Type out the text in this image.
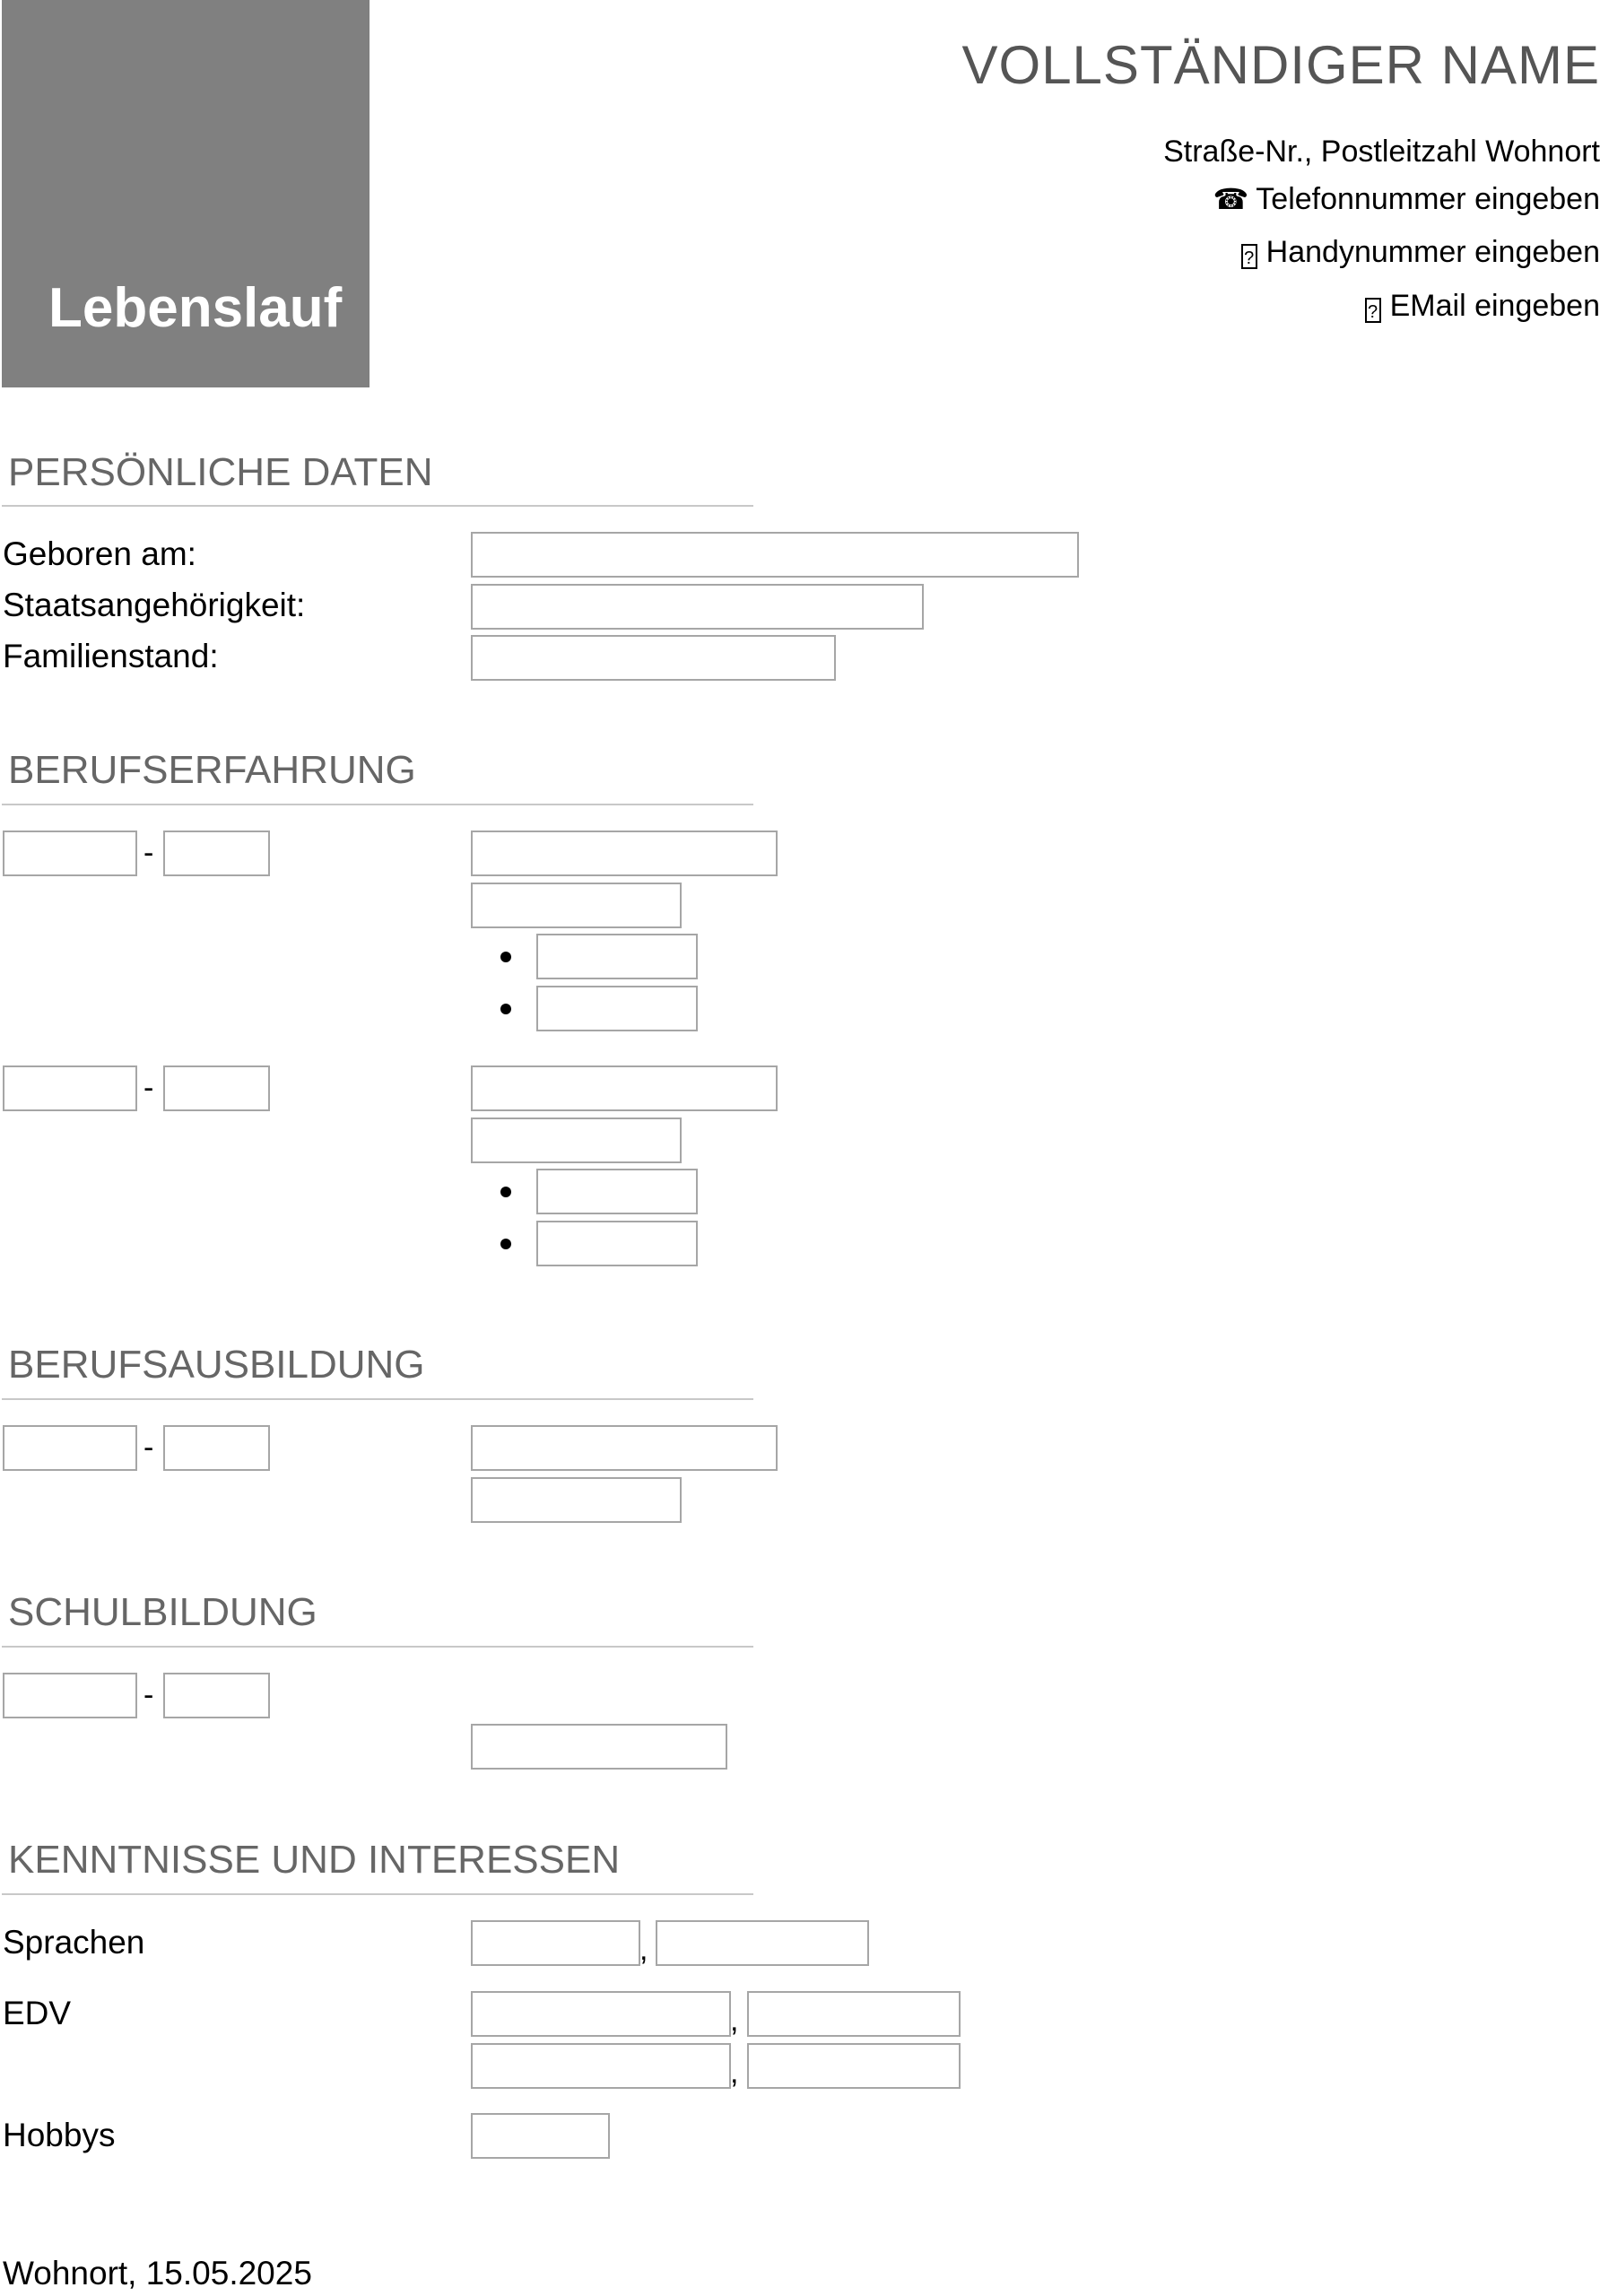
Lebenslauf
VOLLSTÄNDIGER NAME
Straße-Nr., Postleitzahl Wohnort
☎ Telefonnummer eingeben
? Handynummer eingeben
? EMail eingeben
PERSÖNLICHE DATEN
Geboren am:
Staatsangehörigkeit:
Familienstand:
BERUFSERFAHRUNG
-
-
BERUFSAUSBILDUNG
-
SCHULBILDUNG
-
KENNTNISSE UND INTERESSEN
Sprachen	,
EDV	,
,
Hobbys
Wohnort, 15.05.2025
